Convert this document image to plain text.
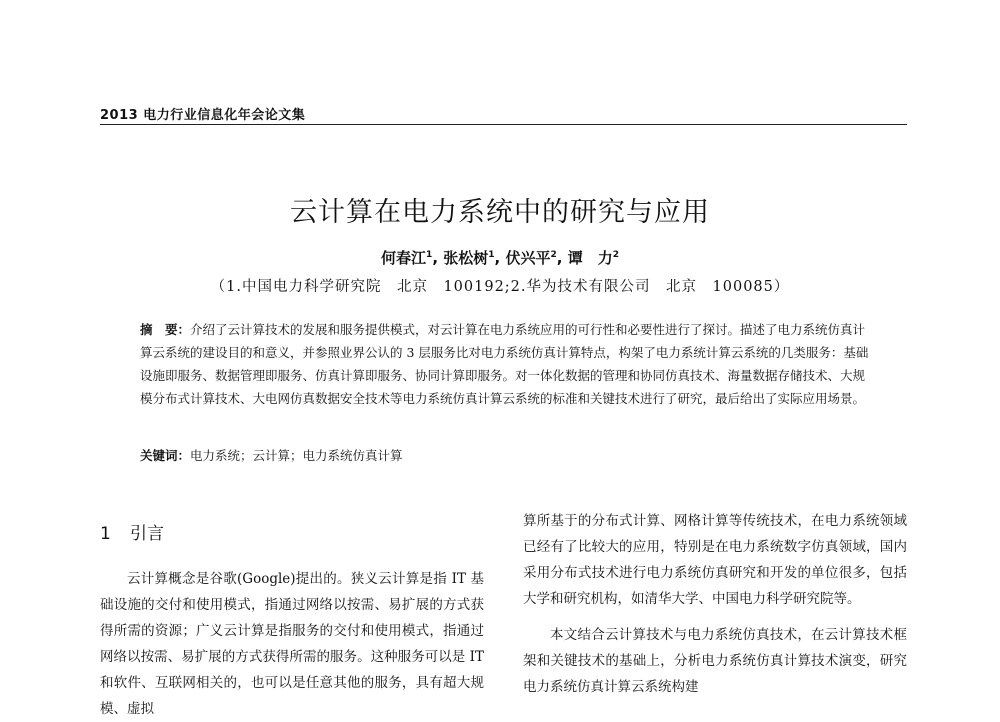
2013 电力行业信息化年会论文集
云计算在电力系统中的研究与应用
何春江$^1$, 张松树$^1$, 伏兴平$^2$, 谭　力$^2$
（1.中国电力科学研究院　北京　100192;2.华为技术有限公司　北京　100085）
摘　要：介绍了云计算技术的发展和服务提供模式，对云计算在电力系统应用的可行性和必要性进行了探讨。描述了电力系统仿真计算云系统的建设目的和意义，并参照业界公认的 3 层服务比对电力系统仿真计算特点，构架了电力系统计算云系统的几类服务：基础设施即服务、数据管理即服务、仿真计算即服务、协同计算即服务。对一体化数据的管理和协同仿真技术、海量数据存储技术、大规模分布式计算技术、大电网仿真数据安全技术等电力系统仿真计算云系统的标准和关键技术进行了研究，最后给出了实际应用场景。
关键词：电力系统；云计算；电力系统仿真计算
1 引言

云计算概念是谷歌(Google)提出的。狭义云计算是指 IT 基础设施的交付和使用模式，指通过网络以按需、易扩展的方式获得所需的资源；广义云计算是指服务的交付和使用模式，指通过网络以按需、易扩展的方式获得所需的服务。这种服务可以是 IT 和软件、互联网相关的，也可以是任意其他的服务，具有超大规模、虚拟

算所基于的分布式计算、网格计算等传统技术，在电力系统领域已经有了比较大的应用，特别是在电力系统数字仿真领域，国内采用分布式技术进行电力系统仿真研究和开发的单位很多，包括大学和研究机构，如清华大学、中国电力科学研究院等。

本文结合云计算技术与电力系统仿真技术，在云计算技术框架和关键技术的基础上，分析电力系统仿真计算技术演变，研究电力系统仿真计算云系统构建
